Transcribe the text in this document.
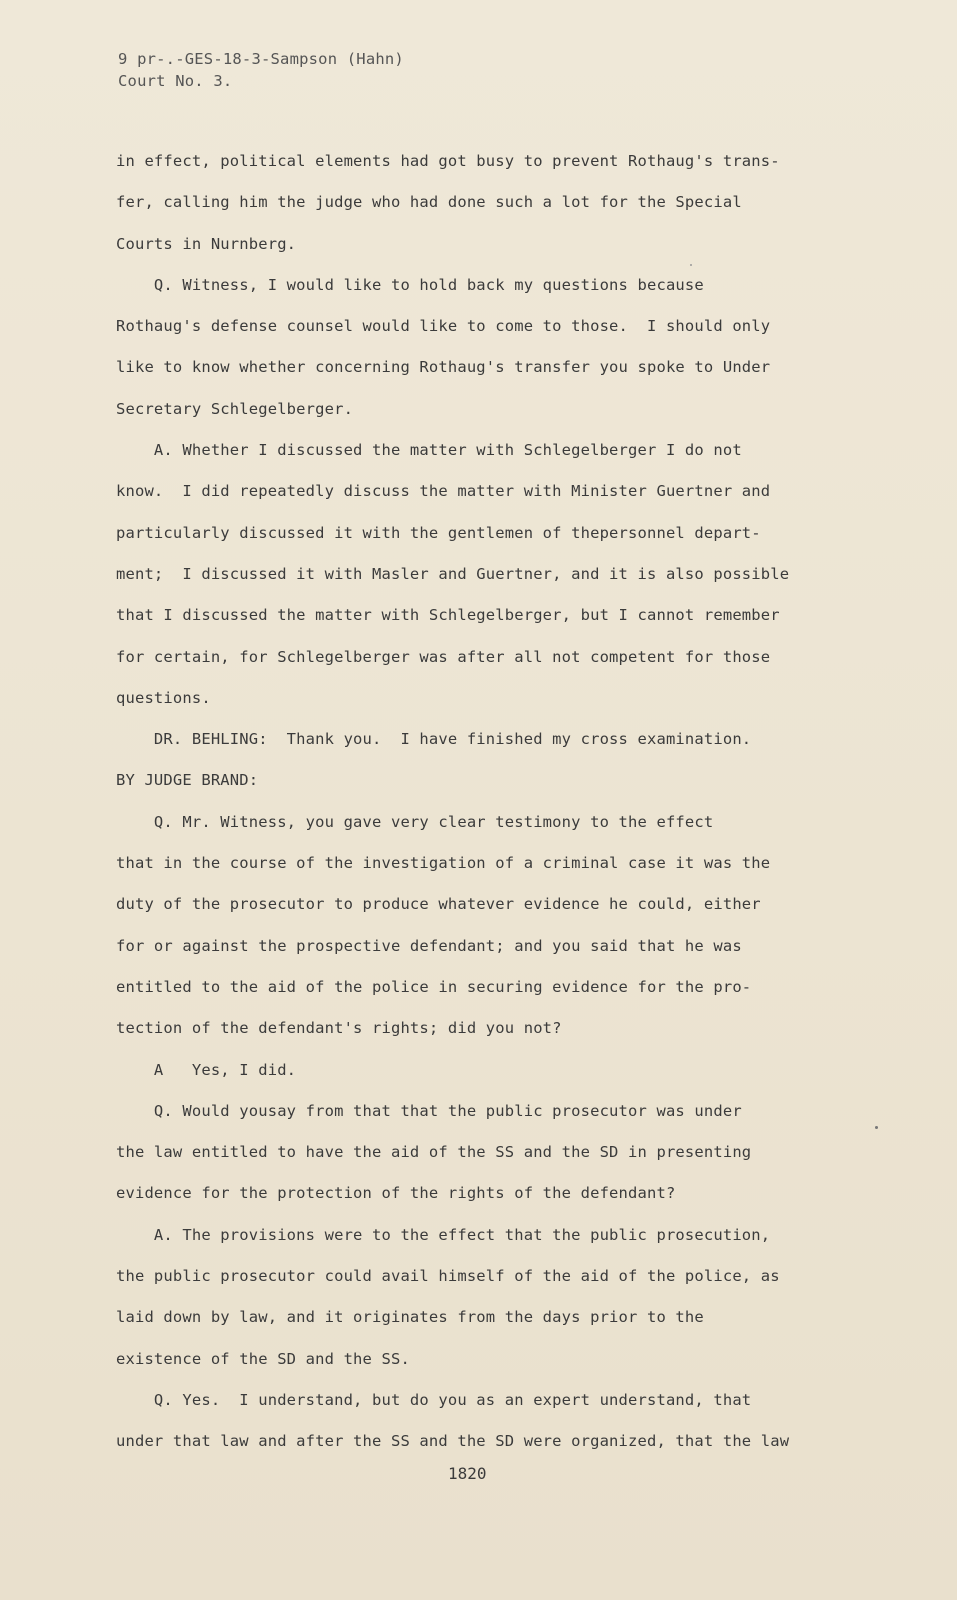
9 pr-.-GES-18-3-Sampson (Hahn)
Court No. 3.
in effect, political elements had got busy to prevent Rothaug's trans-
fer, calling him the judge who had done such a lot for the Special
Courts in Nurnberg.
Q. Witness, I would like to hold back my questions because
Rothaug's defense counsel would like to come to those.  I should only
like to know whether concerning Rothaug's transfer you spoke to Under
Secretary Schlegelberger.
A. Whether I discussed the matter with Schlegelberger I do not
know.  I did repeatedly discuss the matter with Minister Guertner and
particularly discussed it with the gentlemen of thepersonnel depart-
ment;  I discussed it with Masler and Guertner, and it is also possible
that I discussed the matter with Schlegelberger, but I cannot remember
for certain, for Schlegelberger was after all not competent for those
questions.
DR. BEHLING:  Thank you.  I have finished my cross examination.
BY JUDGE BRAND:
Q. Mr. Witness, you gave very clear testimony to the effect
that in the course of the investigation of a criminal case it was the
duty of the prosecutor to produce whatever evidence he could, either
for or against the prospective defendant; and you said that he was
entitled to the aid of the police in securing evidence for the pro-
tection of the defendant's rights; did you not?
A   Yes, I did.
Q. Would yousay from that that the public prosecutor was under
the law entitled to have the aid of the SS and the SD in presenting
evidence for the protection of the rights of the defendant?
A. The provisions were to the effect that the public prosecution,
the public prosecutor could avail himself of the aid of the police, as
laid down by law, and it originates from the days prior to the
existence of the SD and the SS.
Q. Yes.  I understand, but do you as an expert understand, that
under that law and after the SS and the SD were organized, that the law
1820
